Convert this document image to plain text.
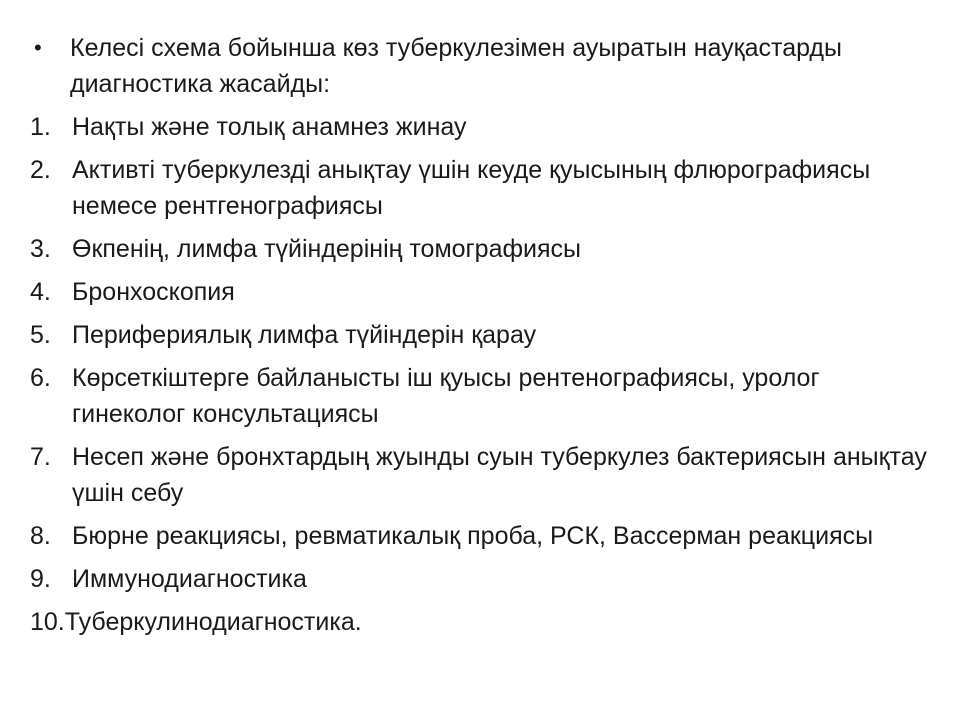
•	Келесі схема бойынша көз туберкулезімен ауыратын науқастарды диагностика жасайды:
1. Нақты және толық анамнез жинау
2. Активті туберкулезді анықтау үшін кеуде қуысының флюрографиясы немесе рентгенографиясы
3. Өкпенің, лимфа түйіндерінің томографиясы
4. Бронхоскопия
5. Перифериялық лимфа түйіндерін қарау
6. Көрсеткіштерге байланысты іш қуысы рентенографиясы, уролог гинеколог консультациясы
7. Несеп және бронхтардың жуынды суын туберкулез бактериясын анықтау үшін себу
8. Бюрне реакциясы, ревматикалық проба, РСК, Вассерман реакциясы
9. Иммунодиагностика
10. Туберкулинодиагностика.
